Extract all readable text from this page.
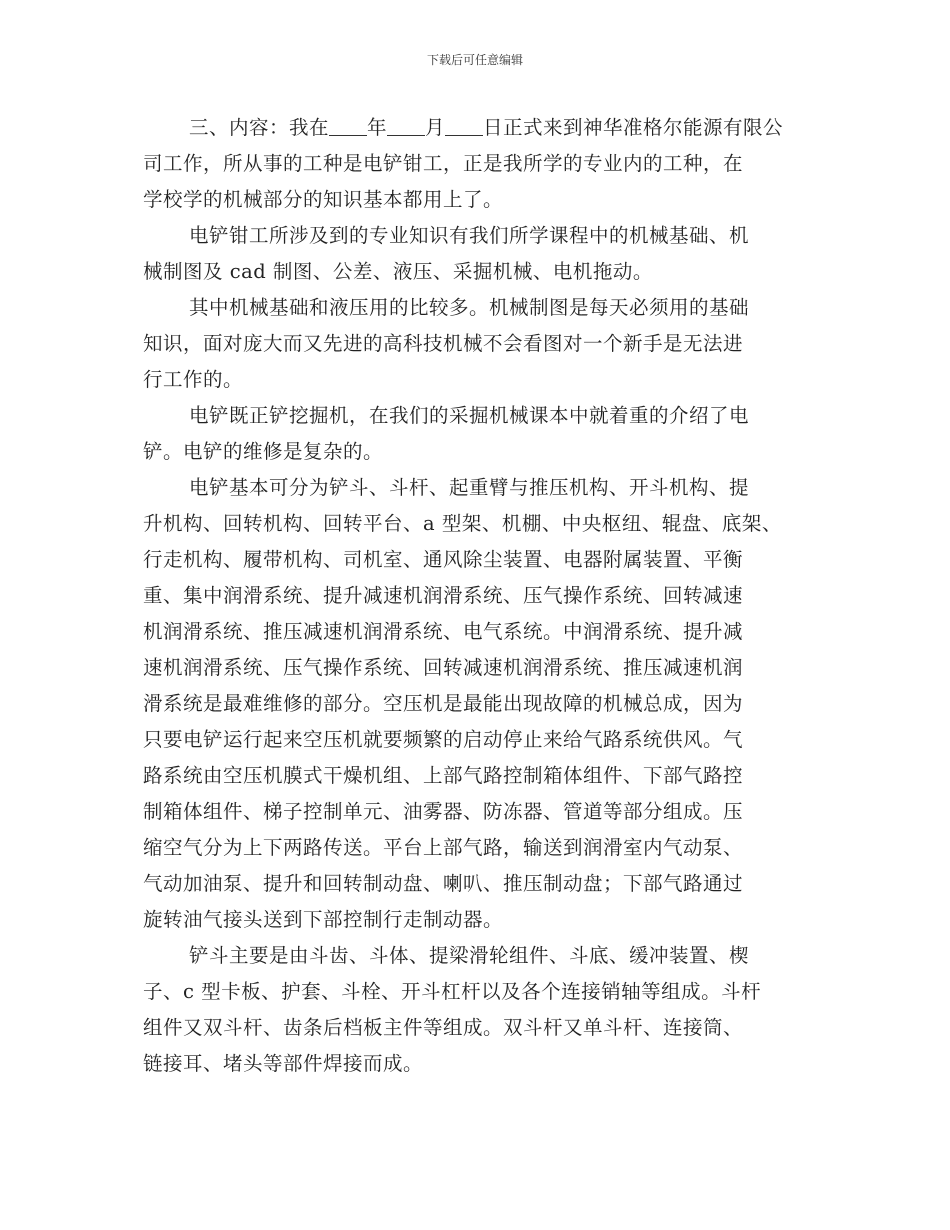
下载后可任意编辑
三、内容：我在 年 月 日正式来到神华准格尔能源有限公
司工作，所从事的工种是电铲钳工，正是我所学的专业内的工种，在
学校学的机械部分的知识基本都用上了。
电铲钳工所涉及到的专业知识有我们所学课程中的机械基础、机
械制图及 cad 制图、公差、液压、采掘机械、电机拖动。
其中机械基础和液压用的比较多。机械制图是每天必须用的基础
知识，面对庞大而又先进的高科技机械不会看图对一个新手是无法进
行工作的。
电铲既正铲挖掘机，在我们的采掘机械课本中就着重的介绍了电
铲。电铲的维修是复杂的。
电铲基本可分为铲斗、斗杆、起重臂与推压机构、开斗机构、提
升机构、回转机构、回转平台、a 型架、机棚、中央枢纽、辊盘、底架、
行走机构、履带机构、司机室、通风除尘装置、电器附属装置、平衡
重、集中润滑系统、提升减速机润滑系统、压气操作系统、回转减速
机润滑系统、推压减速机润滑系统、电气系统。中润滑系统、提升减
速机润滑系统、压气操作系统、回转减速机润滑系统、推压减速机润
滑系统是最难维修的部分。空压机是最能出现故障的机械总成，因为
只要电铲运行起来空压机就要频繁的启动停止来给气路系统供风。气
路系统由空压机膜式干燥机组、上部气路控制箱体组件、下部气路控
制箱体组件、梯子控制单元、油雾器、防冻器、管道等部分组成。压
缩空气分为上下两路传送。平台上部气路，输送到润滑室内气动泵、
气动加油泵、提升和回转制动盘、喇叭、推压制动盘；下部气路通过
旋转油气接头送到下部控制行走制动器。
铲斗主要是由斗齿、斗体、提梁滑轮组件、斗底、缓冲装置、楔
子、c 型卡板、护套、斗栓、开斗杠杆以及各个连接销轴等组成。斗杆
组件又双斗杆、齿条后档板主件等组成。双斗杆又单斗杆、连接筒、
链接耳、堵头等部件焊接而成。
